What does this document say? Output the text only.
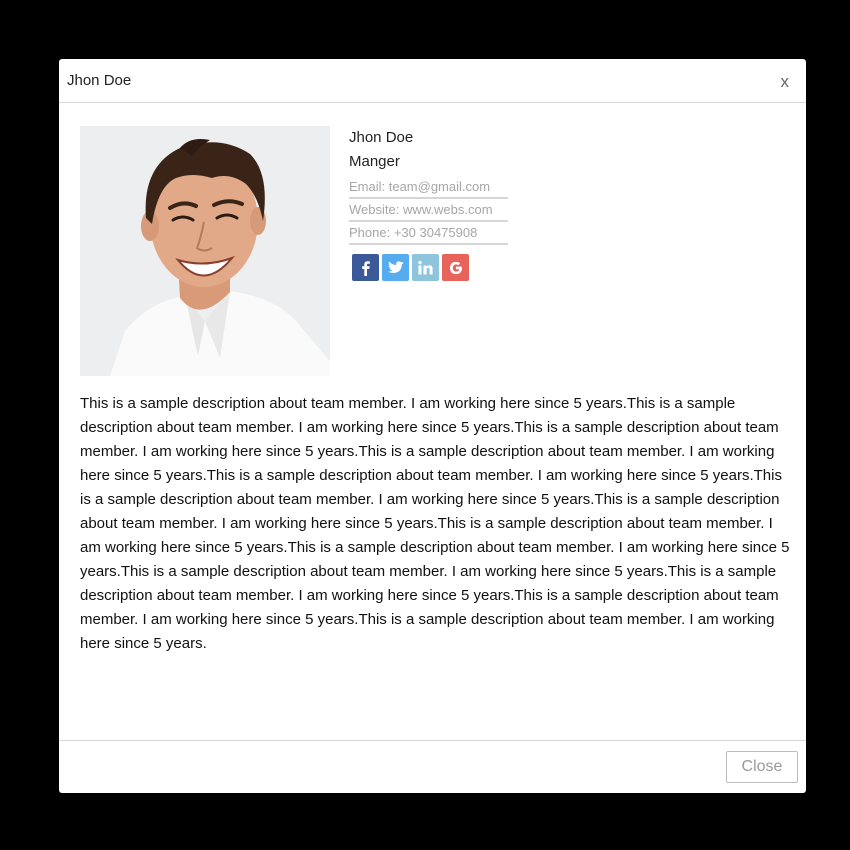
Jhon Doe	x
Jhon Doe
Manger
Email: team@gmail.com
Website: www.webs.com
Phone: +30 30475908

This is a sample description about team member. I am working here since 5 years.This is a sample description about team member. I am working here since 5 years.This is a sample description about team member. I am working here since 5 years.This is a sample description about team member. I am working here since 5 years.This is a sample description about team member. I am working here since 5 years.This is a sample description about team member. I am working here since 5 years.This is a sample description about team member. I am working here since 5 years.This is a sample description about team member. I am working here since 5 years.This is a sample description about team member. I am working here since 5 years.This is a sample description about team member. I am working here since 5 years.This is a sample description about team member. I am working here since 5 years.This is a sample description about team member. I am working here since 5 years.This is a sample description about team member. I am working here since 5 years.

Close
